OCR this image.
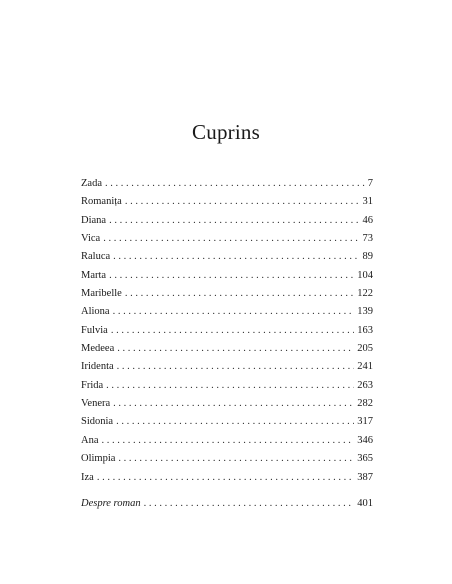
Cuprins
Zada . . .	7
Romanița . . .	31
Diana . . .	46
Vica . . .	73
Raluca . . .	89
Marta . . .	104
Maribelle . . .	122
Aliona . . .	139
Fulvia . . .	163
Medeea . . .	205
Iridenta . . .	241
Frida . . .	263
Venera . . .	282
Sidonia . . .	317
Ana . . .	346
Olimpia . . .	365
Iza . . .	387
Despre roman . . .	401
